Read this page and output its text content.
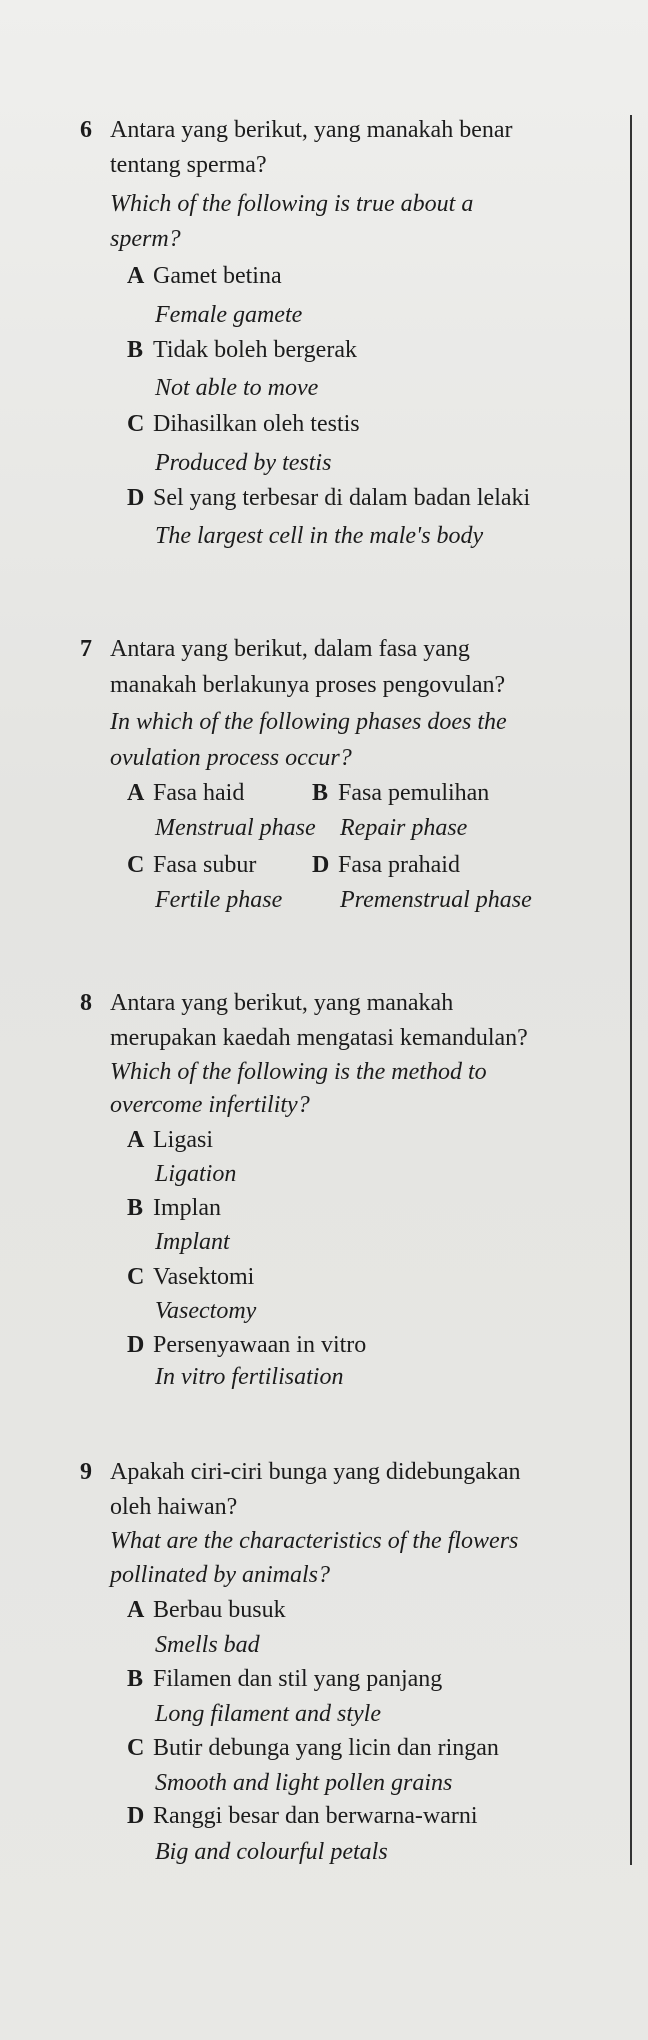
6 Antara yang berikut, yang manakah benar
tentang sperma?
Which of the following is true about a
sperm?
A Gamet betina
Female gamete
B Tidak boleh bergerak
Not able to move
C Dihasilkan oleh testis
Produced by testis
D Sel yang terbesar di dalam badan lelaki
The largest cell in the male's body
7 Antara yang berikut, dalam fasa yang
manakah berlakunya proses pengovulan?
In which of the following phases does the
ovulation process occur?
A Fasa haid
Menstrual phase
B Fasa pemulihan
Repair phase
C Fasa subur
Fertile phase
D Fasa prahaid
Premenstrual phase
8 Antara yang berikut, yang manakah
merupakan kaedah mengatasi kemandulan?
Which of the following is the method to
overcome infertility?
A Ligasi
Ligation
B Implan
Implant
C Vasektomi
Vasectomy
D Persenyawaan in vitro
In vitro fertilisation
9 Apakah ciri-ciri bunga yang didebungakan
oleh haiwan?
What are the characteristics of the flowers
pollinated by animals?
A Berbau busuk
Smells bad
B Filamen dan stil yang panjang
Long filament and style
C Butir debunga yang licin dan ringan
Smooth and light pollen grains
D Ranggi besar dan berwarna-warni
Big and colourful petals
